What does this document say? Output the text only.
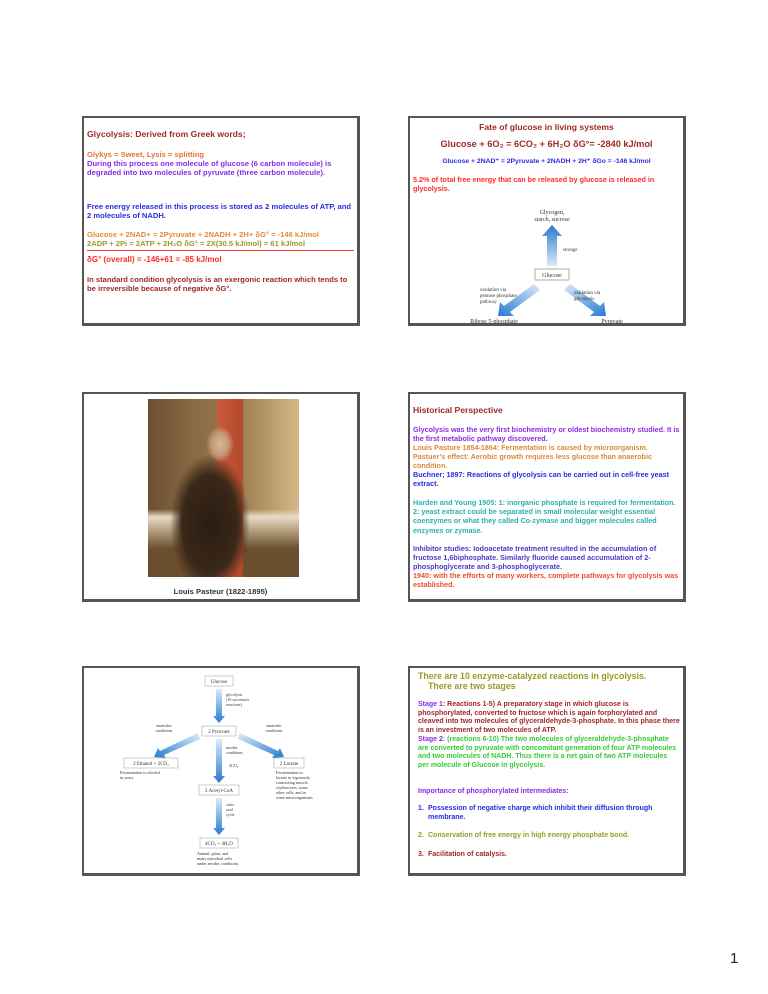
Glycolysis: Derived from Greek words;

Glykys = Sweet, Lysis = splitting

During this process one molecule of glucose (6 carbon molecule) is degraded into two molecules of pyruvate (three carbon molecule).

Free energy released in this process is stored as 2 molecules of ATP, and 2 molecules of NADH.

Glucose + 2NAD+ = 2Pyruvate + 2NADH + 2H+ δG° = -146 kJ/mol

2ADP + 2Pi = 2ATP + 2H₂O δG° = 2X(30.5 kJ/mol) = 61 kJ/mol

δG° (overall) = -146+61 = -85 kJ/mol

In standard condition glycolysis is an exergonic reaction which tends to be irreversible because of negative δG°.

Fate of glucose in living systems

Glucose + 6O₂ = 6CO₂ + 6H₂O δG°= -2840 kJ/mol

Glucose + 2NAD⁺ = 2Pyruvate + 2NADH + 2H⁺ δGo = -146 kJ/mol

5.2% of total free energy that can be released by glucose is released in glycolysis.

Glycogen,
starch, sucrose
storage
Glucose
oxidation via
pentose phosphate
pathway
oxidation via
glycolysis
Ribose 5-phosphate	Pyruvate
Louis Pasteur (1822-1895)

Historical Perspective

Glycolysis was the very first biochemistry or oldest biochemistry studied. It is the first metabolic pathway discovered.

Louis Pasture 1854-1864: Fermentation is caused by microorganism. Pastuer’s effect: Aerobic growth requires less glucose than anaerobic condition.

Buchner; 1897: Reactions of glycolysis can be carried out in cell-free yeast extract.

Harden and Young 1905: 1: inorganic phosphate is required for fermentation. 2: yeast extract could be separated in small molecular weight essential coenzymes or what they called Co-zymase and bigger molecules called enzymes or zymase.

Inhibitor studies: Iodoacetate treatment resulted in the accumulation of fructose 1,6biphosphate. Similarly fluoride caused accumulation of 2-phosphoglycerate and 3-phosphoglycerate.

1940: with the efforts of many workers, complete pathways for glycolysis was established.

Glucose
glycolysis
(10 successive
reactions)
2 Pyruvate
anaerobic
conditions
anaerobic
conditions
2 Ethanol + 2CO₂
Fermentation to alcohol
in yeast
2 Lactate
Fermentation to
lactate in vigorously
contracting muscle,
erythrocytes, some
other cells, and in
some microorganisms
aerobic
conditions
2CO₂
2 Acetyl-CoA
citric
acid
cycle
4CO₂ + 4H₂O
Animal, plant, and
many microbial cells
under aerobic conditions

There are 10 enzyme-catalyzed reactions in glycolysis.

There are two stages

Stage 1: Reactions 1-5) A preparatory stage in which glucose is phosphorylated, converted to fructose which is again forphorylated and cleaved into two molecules of glyceraldehyde-3-phosphate. In this phase there is an investment of two molecules of ATP.

Stage 2: (reactions 6-10) The two molecules of glyceraldehyde-3-phosphate are converted to pyruvate with concomitant generation of four ATP molecules and two molecules of NADH. Thus there is a net gain of two ATP molecules per molecule of Glucose in glycolysis.

Importance of phosphorylated intermediates:

1. Possession of negative charge which inhibit their diffusion through membrane.

2. Conservation of free energy in high energy phosphate bond.

3. Facilitation of catalysis.

1
